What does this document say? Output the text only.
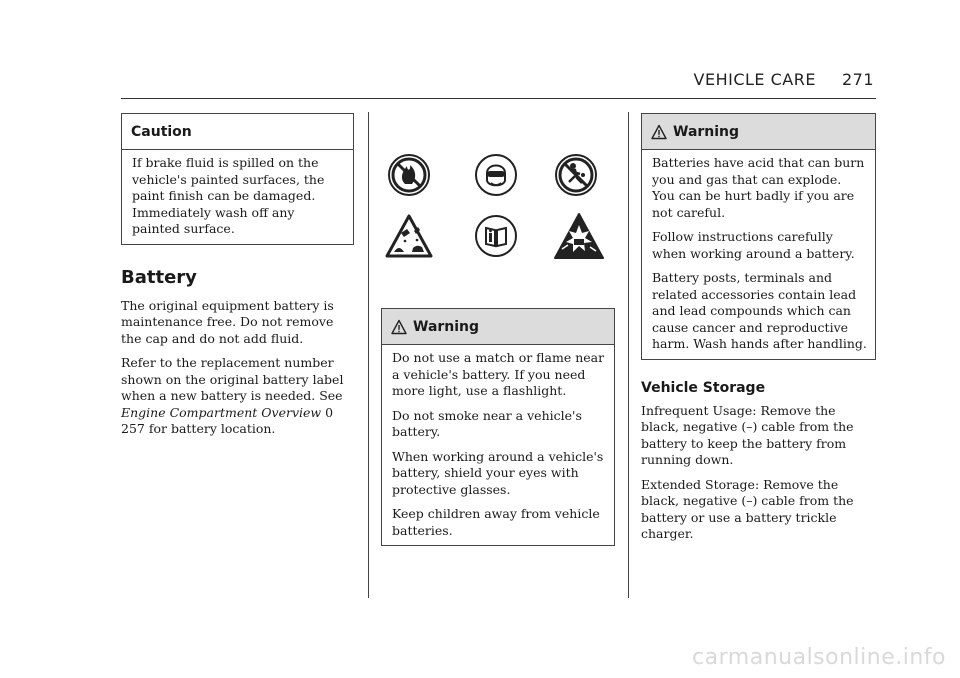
VEHICLE CARE 271
Caution

If brake fluid is spilled on the vehicle's painted surfaces, the paint finish can be damaged. Immediately wash off any painted surface.

Battery

The original equipment battery is maintenance free. Do not remove the cap and do not add fluid.

Refer to the replacement number shown on the original battery label when a new battery is needed. See Engine Compartment Overview 0 257 for battery location.

Warning

Do not use a match or flame near a vehicle's battery. If you need more light, use a flashlight.

Do not smoke near a vehicle's battery.

When working around a vehicle's battery, shield your eyes with protective glasses.

Keep children away from vehicle batteries.

Warning

Batteries have acid that can burn you and gas that can explode. You can be hurt badly if you are not careful.

Follow instructions carefully when working around a battery.

Battery posts, terminals and related accessories contain lead and lead compounds which can cause cancer and reproductive harm. Wash hands after handling.

Vehicle Storage

Infrequent Usage: Remove the black, negative (–) cable from the battery to keep the battery from running down.

Extended Storage: Remove the black, negative (–) cable from the battery or use a battery trickle charger.

carmanualsonline.info
